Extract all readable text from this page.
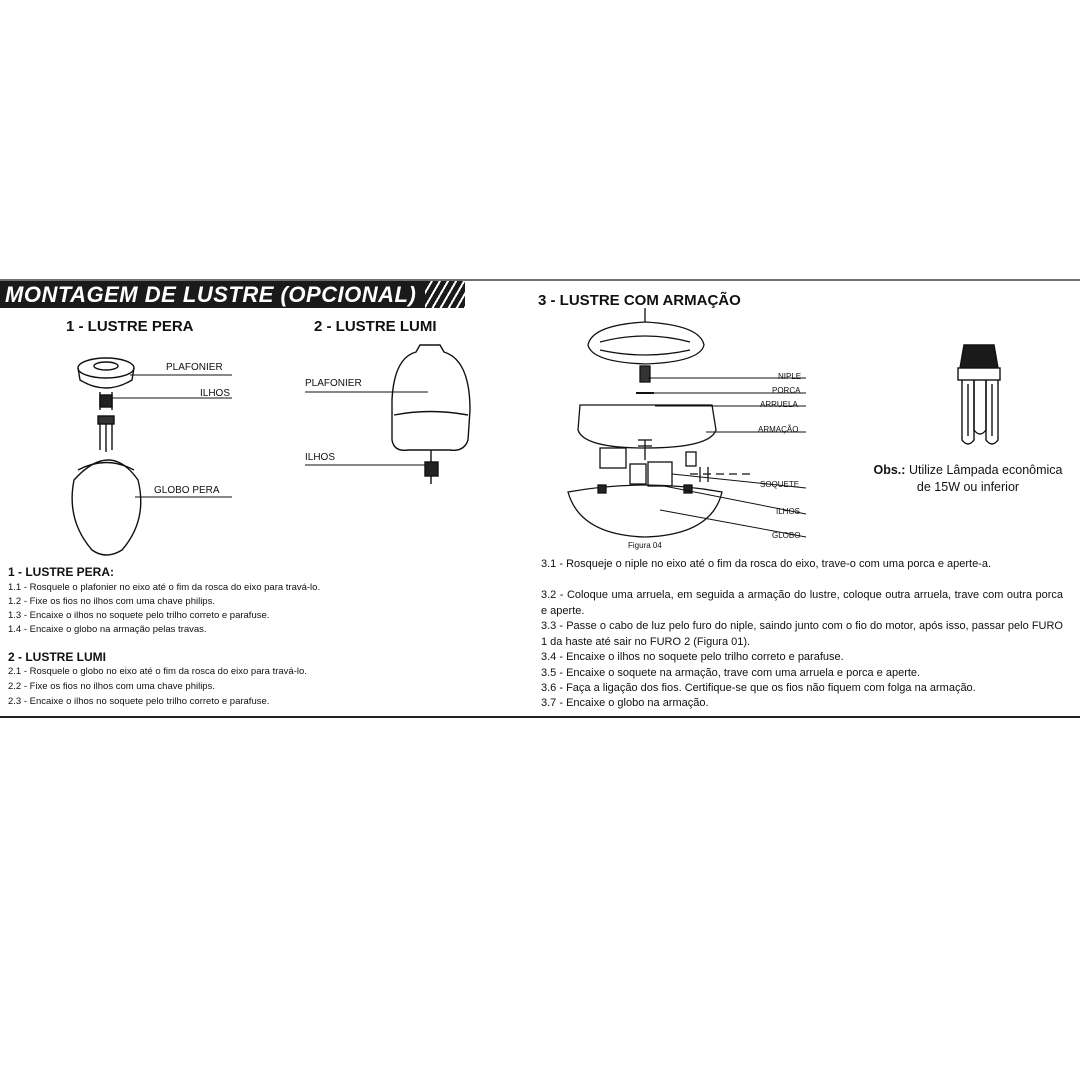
MONTAGEM DE LUSTRE (OPCIONAL)
1 - LUSTRE PERA
PLAFONIER
ILHOS
GLOBO PERA
2 - LUSTRE LUMI
PLAFONIER
ILHOS
1 - LUSTRE PERA:
1.1 - Rosquele o plafonier no eixo até o fim da rosca do eixo para travá-lo.
1.2 - Fixe os fios no ilhos com uma chave philips.
1.3 - Encaixe o ilhos no soquete pelo trilho correto e parafuse.
1.4 - Encaixe o globo na armação pelas travas.
2 - LUSTRE LUMI
2.1 - Rosquele o globo no eixo até o fim da rosca do eixo para travá-lo.
2.2 - Fixe os fios no ilhos com uma chave philips.
2.3 - Encaixe o ilhos no soquete pelo trilho correto e parafuse.
3 - LUSTRE COM ARMAÇÃO
NIPLE
PORCA
ARRUELA
ARMAÇÃO
SOQUETE
ILHOS
GLOBO
Figura 04
Obs.: Utilize Lâmpada econômica
de 15W ou inferior
3.1 - Rosqueje o niple no eixo até o fim da rosca do eixo, trave-o com uma porca e aperte-a.
3.2 - Coloque uma arruela, em seguida a armação do lustre, coloque outra arruela, trave com outra porca e aperte.
3.3 - Passe o cabo de luz pelo furo do niple, saindo junto com o fio do motor, após isso, passar pelo FURO 1 da haste até sair no FURO 2 (Figura 01).
3.4 - Encaixe o ilhos no soquete pelo trilho correto e parafuse.
3.5 - Encaixe o soquete na armação, trave com uma arruela e porca e aperte.
3.6 - Faça a ligação dos fios. Certifique-se que os fios não fiquem com folga na armação.
3.7 - Encaixe o globo na armação.
